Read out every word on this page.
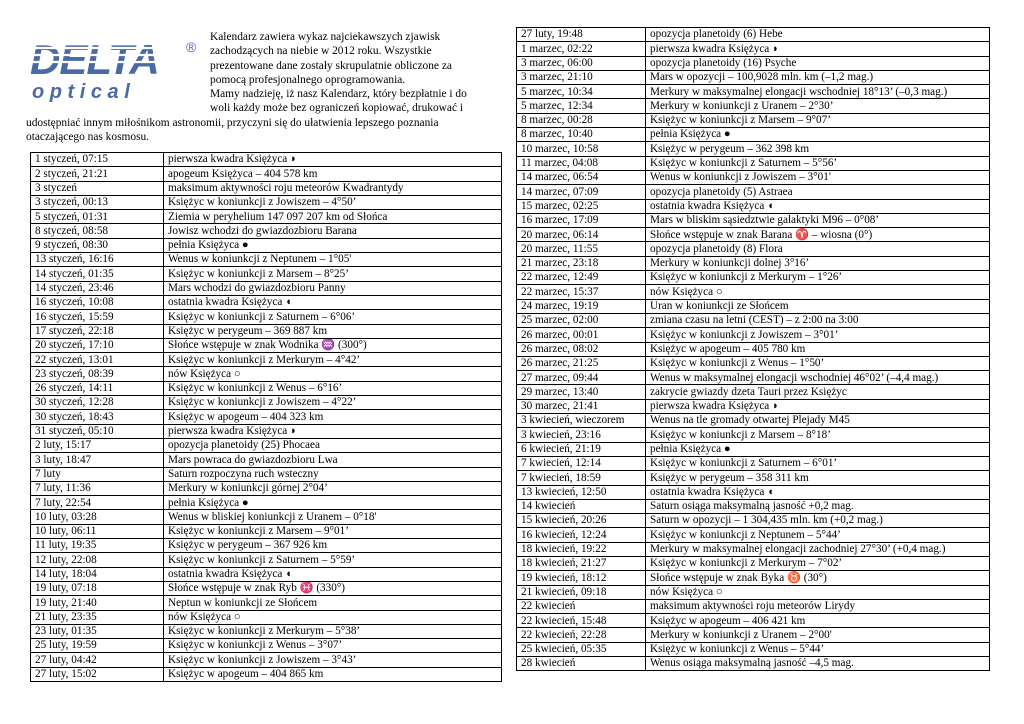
DELTA ®
o p t i c a l

Kalendarz zawiera wykaz najciekawszych zjawisk

zachodzących na niebie w 2012 roku. Wszystkie

prezentowane dane zostały skrupulatnie obliczone za

pomocą profesjonalnego oprogramowania.

Mamy nadzieję, iż nasz Kalendarz, który bezpłatnie i do

woli każdy może bez ograniczeń kopiować, drukować i

udostępniać innym miłośnikom astronomii, przyczyni się do ułatwienia lepszego poznania

otaczającego nas kosmosu.

1 styczeń, 07:15	pierwsza kwadra Księżyca ◗
2 styczeń, 21:21	apogeum Księżyca – 404 578 km
3 styczeń	maksimum aktywności roju meteorów Kwadrantydy
3 styczeń, 00:13	Księżyc w koniunkcji z Jowiszem – 4°50’
5 styczeń, 01:31	Ziemia w peryhelium 147 097 207 km od Słońca
8 styczeń, 08:58	Jowisz wchodzi do gwiazdozbioru Barana
9 styczeń, 08:30	pełnia Księżyca ●
13 styczeń, 16:16	Wenus w koniunkcji z Neptunem – 1°05'
14 styczeń, 01:35	Księżyc w koniunkcji z Marsem – 8°25’
14 styczeń, 23:46	Mars wchodzi do gwiazdozbioru Panny
16 styczeń, 10:08	ostatnia kwadra Księżyca ◖
16 styczeń, 15:59	Księżyc w koniunkcji z Saturnem – 6°06’
17 styczeń, 22:18	Księżyc w perygeum – 369 887 km
20 styczeń, 17:10	Słońce wstępuje w znak Wodnika ♒ (300°)
22 styczeń, 13:01	Księżyc w koniunkcji z Merkurym – 4°42’
23 styczeń, 08:39	nów Księżyca ○
26 styczeń, 14:11	Księżyc w koniunkcji z Wenus – 6°16’
30 styczeń, 12:28	Księżyc w koniunkcji z Jowiszem – 4°22’
30 styczeń, 18:43	Księżyc w apogeum – 404 323 km
31 styczeń, 05:10	pierwsza kwadra Księżyca ◗
2 luty, 15:17	opozycja planetoidy (25) Phocaea
3 luty, 18:47	Mars powraca do gwiazdozbioru Lwa
7 luty	Saturn rozpoczyna ruch wsteczny
7 luty, 11:36	Merkury w koniunkcji górnej 2°04’
7 luty, 22:54	pełnia Księżyca ●
10 luty, 03:28	Wenus w bliskiej koniunkcji z Uranem – 0°18'
10 luty, 06:11	Księżyc w koniunkcji z Marsem – 9°01’
11 luty, 19:35	Księżyc w perygeum – 367 926 km
12 luty, 22:08	Księżyc w koniunkcji z Saturnem – 5°59’
14 luty, 18:04	ostatnia kwadra Księżyca ◖
19 luty, 07:18	Słońce wstępuje w znak Ryb ♓ (330°)
19 luty, 21:40	Neptun w koniunkcji ze Słońcem
21 luty, 23:35	nów Księżyca ○
23 luty, 01:35	Księżyc w koniunkcji z Merkurym – 5°38’
25 luty, 19:59	Księżyc w koniunkcji z Wenus – 3°07’
27 luty, 04:42	Księżyc w koniunkcji z Jowiszem – 3°43’
27 luty, 15:02	Księżyc w apogeum – 404 865 km
27 luty, 19:48	opozycja planetoidy (6) Hebe
1 marzec, 02:22	pierwsza kwadra Księżyca ◗
3 marzec, 06:00	opozycja planetoidy (16) Psyche
3 marzec, 21:10	Mars w opozycji – 100,9028 mln. km (–1,2 mag.)
5 marzec, 10:34	Merkury w maksymalnej elongacji wschodniej 18°13’ (–0,3 mag.)
5 marzec, 12:34	Merkury w koniunkcji z Uranem – 2°30’
8 marzec, 00:28	Księżyc w koniunkcji z Marsem – 9°07’
8 marzec, 10:40	pełnia Księżyca ●
10 marzec, 10:58	Księżyc w perygeum – 362 398 km
11 marzec, 04:08	Księżyc w koniunkcji z Saturnem – 5°56’
14 marzec, 06:54	Wenus w koniunkcji z Jowiszem – 3°01'
14 marzec, 07:09	opozycja planetoidy (5) Astraea
15 marzec, 02:25	ostatnia kwadra Księżyca ◖
16 marzec, 17:09	Mars w bliskim sąsiedztwie galaktyki M96 – 0°08’
20 marzec, 06:14	Słońce wstępuje w znak Barana ♈ – wiosna (0°)
20 marzec, 11:55	opozycja planetoidy (8) Flora
21 marzec, 23:18	Merkury w koniunkcji dolnej 3°16’
22 marzec, 12:49	Księżyc w koniunkcji z Merkurym – 1°26’
22 marzec, 15:37	nów Księżyca ○
24 marzec, 19:19	Uran w koniunkcji ze Słońcem
25 marzec, 02:00	zmiana czasu na letni (CEST) – z 2:00 na 3:00
26 marzec, 00:01	Księżyc w koniunkcji z Jowiszem – 3°01’
26 marzec, 08:02	Księżyc w apogeum – 405 780 km
26 marzec, 21:25	Księżyc w koniunkcji z Wenus – 1°50’
27 marzec, 09:44	Wenus w maksymalnej elongacji wschodniej 46°02’ (–4,4 mag.)
29 marzec, 13:40	zakrycie gwiazdy dzeta Tauri przez Księżyc
30 marzec, 21:41	pierwsza kwadra Księżyca ◗
3 kwiecień, wieczorem	Wenus na tle gromady otwartej Plejady M45
3 kwiecień, 23:16	Księżyc w koniunkcji z Marsem – 8°18’
6 kwiecień, 21:19	pełnia Księżyca ●
7 kwiecień, 12:14	Księżyc w koniunkcji z Saturnem – 6°01’
7 kwiecień, 18:59	Księżyc w perygeum – 358 311 km
13 kwiecień, 12:50	ostatnia kwadra Księżyca ◖
14 kwiecień	Saturn osiąga maksymalną jasność +0,2 mag.
15 kwiecień, 20:26	Saturn w opozycji – 1 304,435 mln. km (+0,2 mag.)
16 kwiecień, 12:24	Księżyc w koniunkcji z Neptunem – 5°44’
18 kwiecień, 19:22	Merkury w maksymalnej elongacji zachodniej 27°30’ (+0,4 mag.)
18 kwiecień, 21:27	Księżyc w koniunkcji z Merkurym – 7°02’
19 kwiecień, 18:12	Słońce wstępuje w znak Byka ♉ (30°)
21 kwiecień, 09:18	nów Księżyca ○
22 kwiecień	maksimum aktywności roju meteorów Lirydy
22 kwiecień, 15:48	Księżyc w apogeum – 406 421 km
22 kwiecień, 22:28	Merkury w koniunkcji z Uranem – 2°00'
25 kwiecień, 05:35	Księżyc w koniunkcji z Wenus – 5°44’
28 kwiecień	Wenus osiąga maksymalną jasność –4,5 mag.
